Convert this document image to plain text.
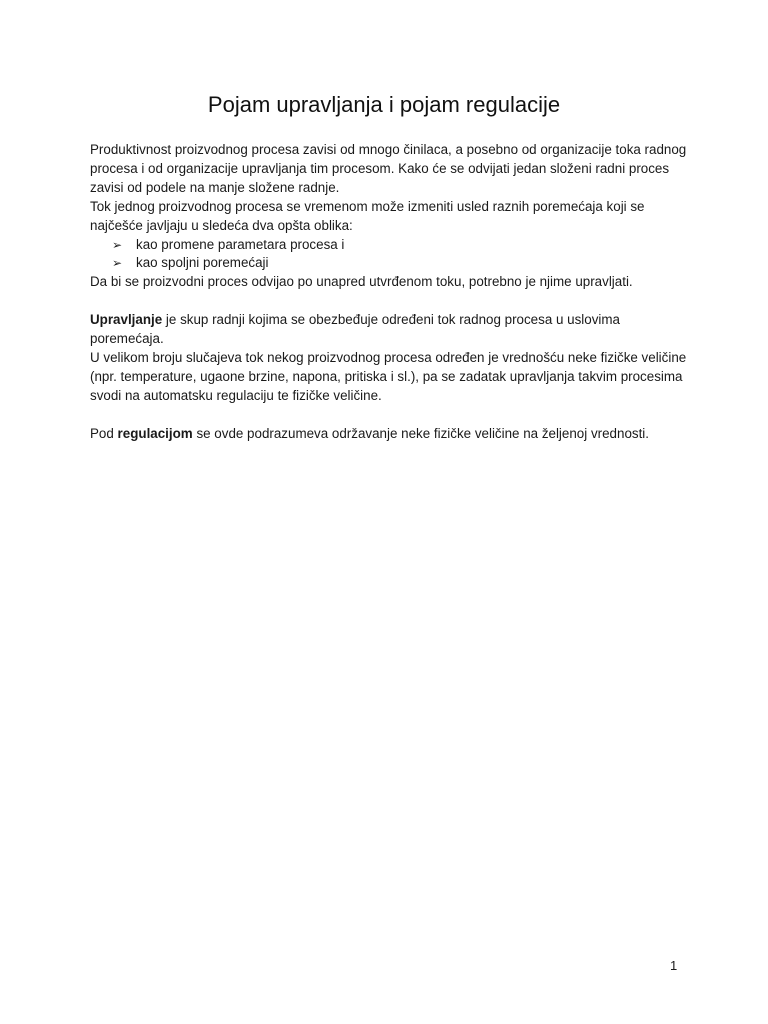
Pojam upravljanja i pojam regulacije

Produktivnost proizvodnog procesa zavisi od mnogo činilaca, a posebno od organizacije toka radnog procesa i od organizacije upravljanja tim procesom. Kako će se odvijati jedan složeni radni proces zavisi od podele na manje složene radnje.

Tok jednog proizvodnog procesa se vremenom može izmeniti usled raznih poremećaja koji se najčešće javljaju u sledeća dva opšta oblika:

➢ kao promene parametara procesa i
➢ kao spoljni poremećaji

Da bi se proizvodni proces odvijao po unapred utvrđenom toku, potrebno je njime upravljati.

Upravljanje je skup radnji kojima se obezbeđuje određeni tok radnog procesa u uslovima poremećaja.

U velikom broju slučajeva tok nekog proizvodnog procesa određen je vrednošću neke fizičke veličine (npr. temperature, ugaone brzine, napona, pritiska i sl.), pa se zadatak upravljanja takvim procesima svodi na automatsku regulaciju te fizičke veličine.

Pod regulacijom se ovde podrazumeva održavanje neke fizičke veličine na željenoj vrednosti.

1
